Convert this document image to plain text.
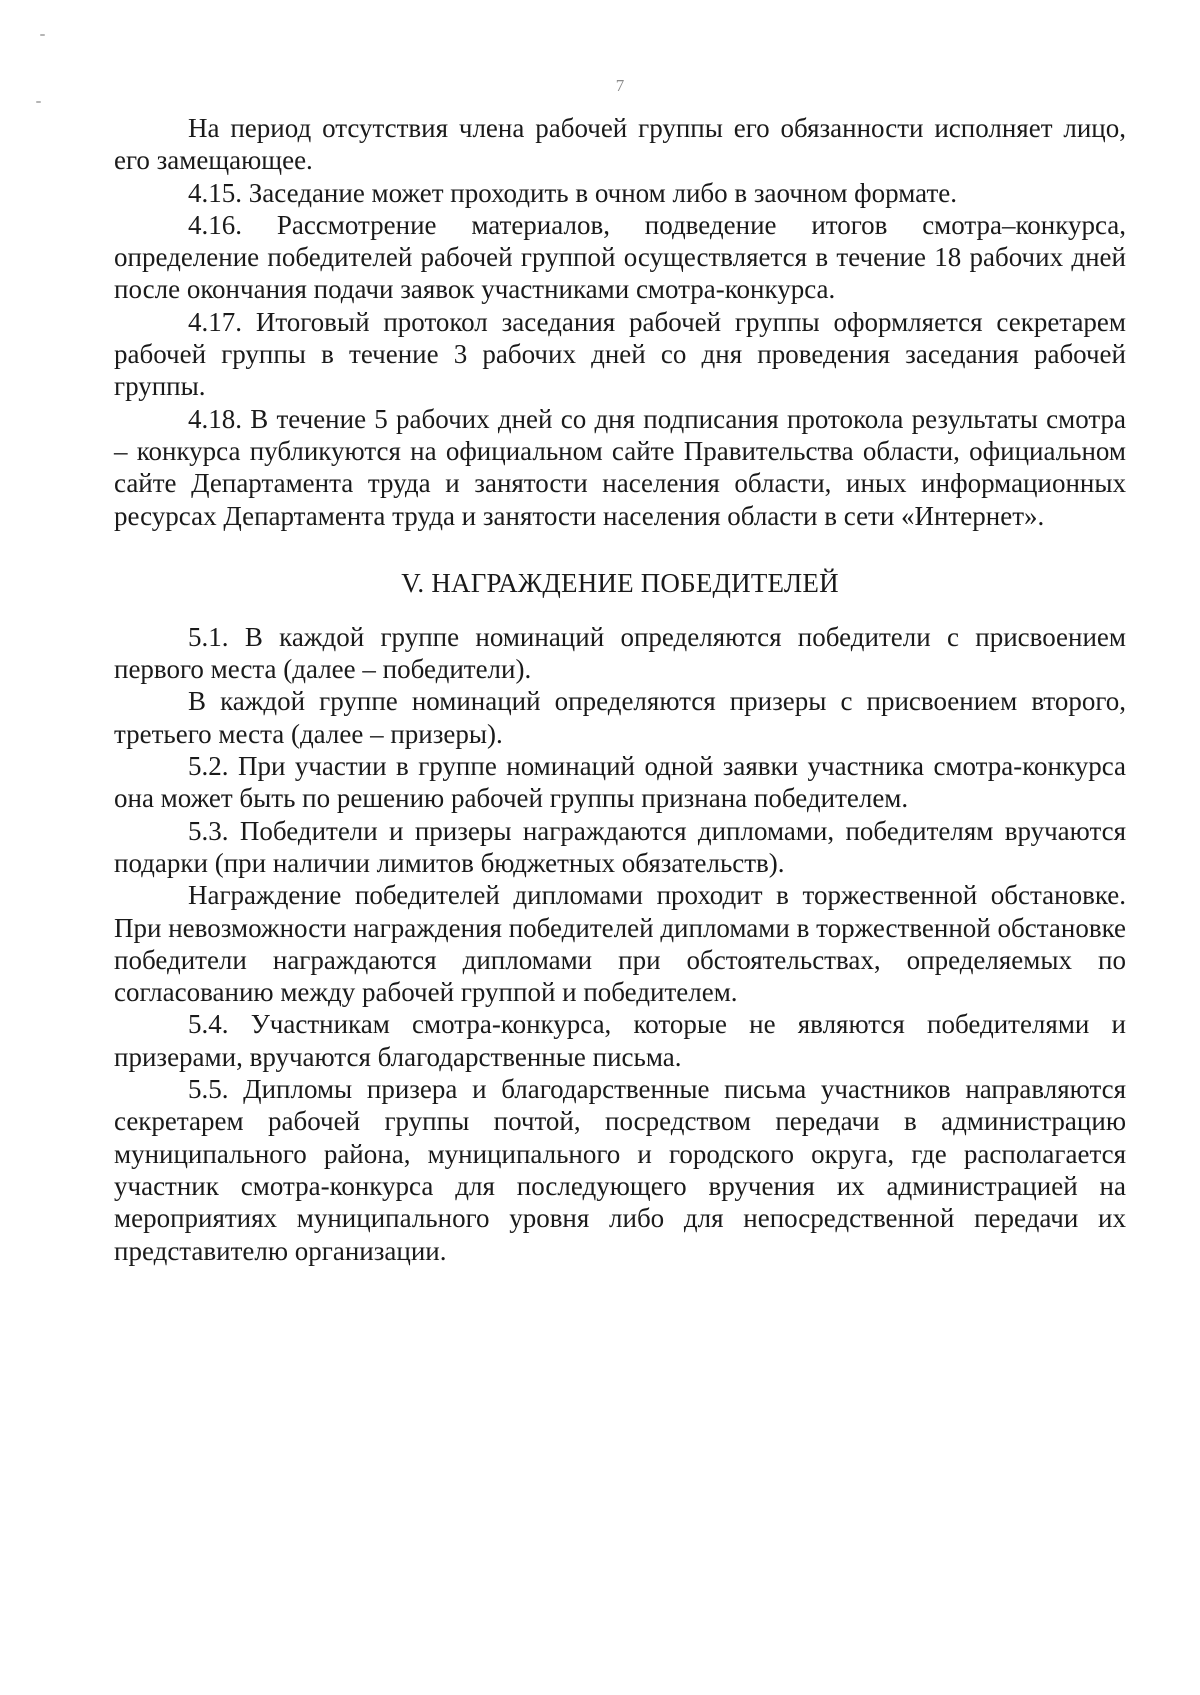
7

На период отсутствия члена рабочей группы его обязанности исполняет лицо, его замещающее.

4.15. Заседание может проходить в очном либо в заочном формате.

4.16. Рассмотрение материалов, подведение итогов смотра–конкурса, определение победителей рабочей группой осуществляется в течение 18 рабочих дней после окончания подачи заявок участниками смотра-конкурса.

4.17. Итоговый протокол заседания рабочей группы оформляется секретарем рабочей группы в течение 3 рабочих дней со дня проведения заседания рабочей группы.

4.18. В течение 5 рабочих дней со дня подписания протокола результаты смотра – конкурса публикуются на официальном сайте Правительства области, официальном сайте Департамента труда и занятости населения области, иных информационных ресурсах Департамента труда и занятости населения области в сети «Интернет».

V. НАГРАЖДЕНИЕ ПОБЕДИТЕЛЕЙ

5.1. В каждой группе номинаций определяются победители с присвоением первого места (далее – победители).

В каждой группе номинаций определяются призеры с присвоением второго, третьего места (далее – призеры).

5.2. При участии в группе номинаций одной заявки участника смотра-конкурса она может быть по решению рабочей группы признана победителем.

5.3. Победители и призеры награждаются дипломами, победителям вручаются подарки (при наличии лимитов бюджетных обязательств).

Награждение победителей дипломами проходит в торжественной обстановке. При невозможности награждения победителей дипломами в торжественной обстановке победители награждаются дипломами при обстоятельствах, определяемых по согласованию между рабочей группой и победителем.

5.4. Участникам смотра-конкурса, которые не являются победителями и призерами, вручаются благодарственные письма.

5.5. Дипломы призера и благодарственные письма участников направляются секретарем рабочей группы почтой, посредством передачи в администрацию муниципального района, муниципального и городского округа, где располагается участник смотра-конкурса для последующего вручения их администрацией на мероприятиях муниципального уровня либо для непосредственной передачи их представителю организации.
